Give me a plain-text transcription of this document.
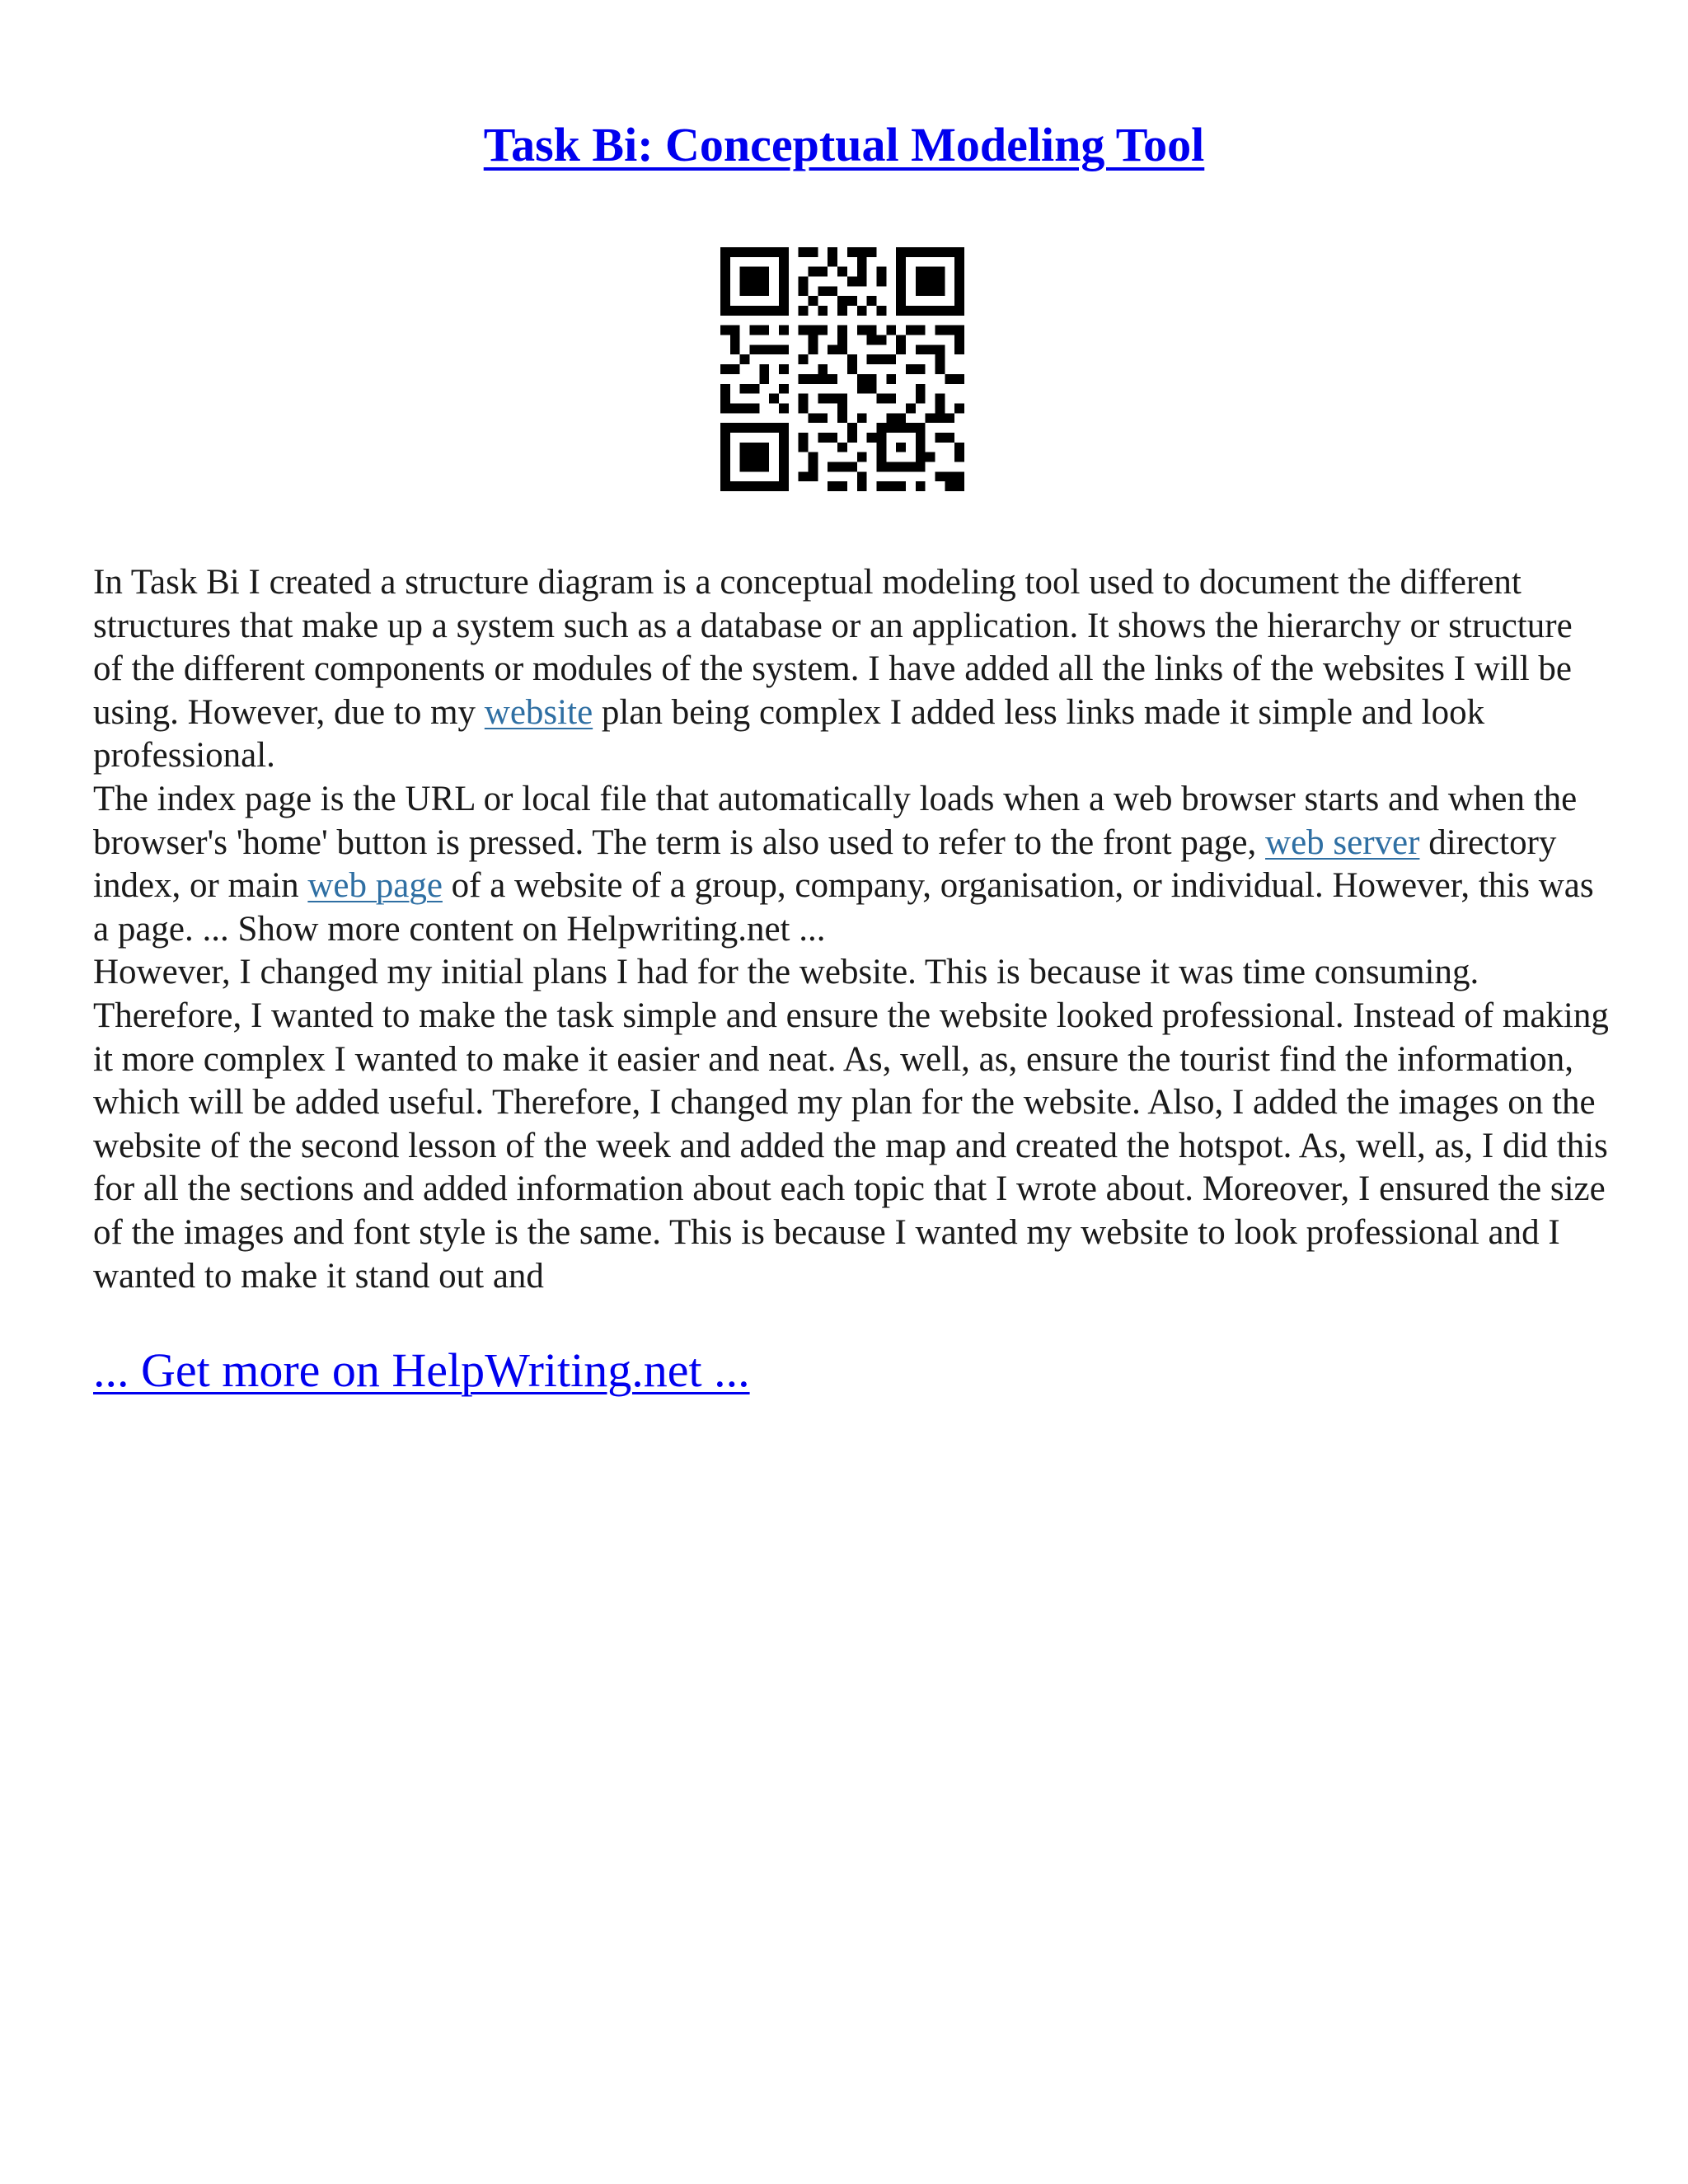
Task Bi: Conceptual Modeling Tool

In Task Bi I created a structure diagram is a conceptual modeling tool used to document the different structures that make up a system such as a database or an application. It shows the hierarchy or structure of the different components or modules of the system. I have added all the links of the websites I will be using. However, due to my website plan being complex I added less links made it simple and look professional.

The index page is the URL or local file that automatically loads when a web browser starts and when the browser's 'home' button is pressed. The term is also used to refer to the front page, web server directory index, or main web page of a website of a group, company, organisation, or individual. However, this was a page. ... Show more content on Helpwriting.net ...

However, I changed my initial plans I had for the website. This is because it was time consuming. Therefore, I wanted to make the task simple and ensure the website looked professional. Instead of making it more complex I wanted to make it easier and neat. As, well, as, ensure the tourist find the information, which will be added useful. Therefore, I changed my plan for the website. Also, I added the images on the website of the second lesson of the week and added the map and created the hotspot. As, well, as, I did this for all the sections and added information about each topic that I wrote about. Moreover, I ensured the size of the images and font style is the same. This is because I wanted my website to look professional and I wanted to make it stand out and

... Get more on HelpWriting.net ...
